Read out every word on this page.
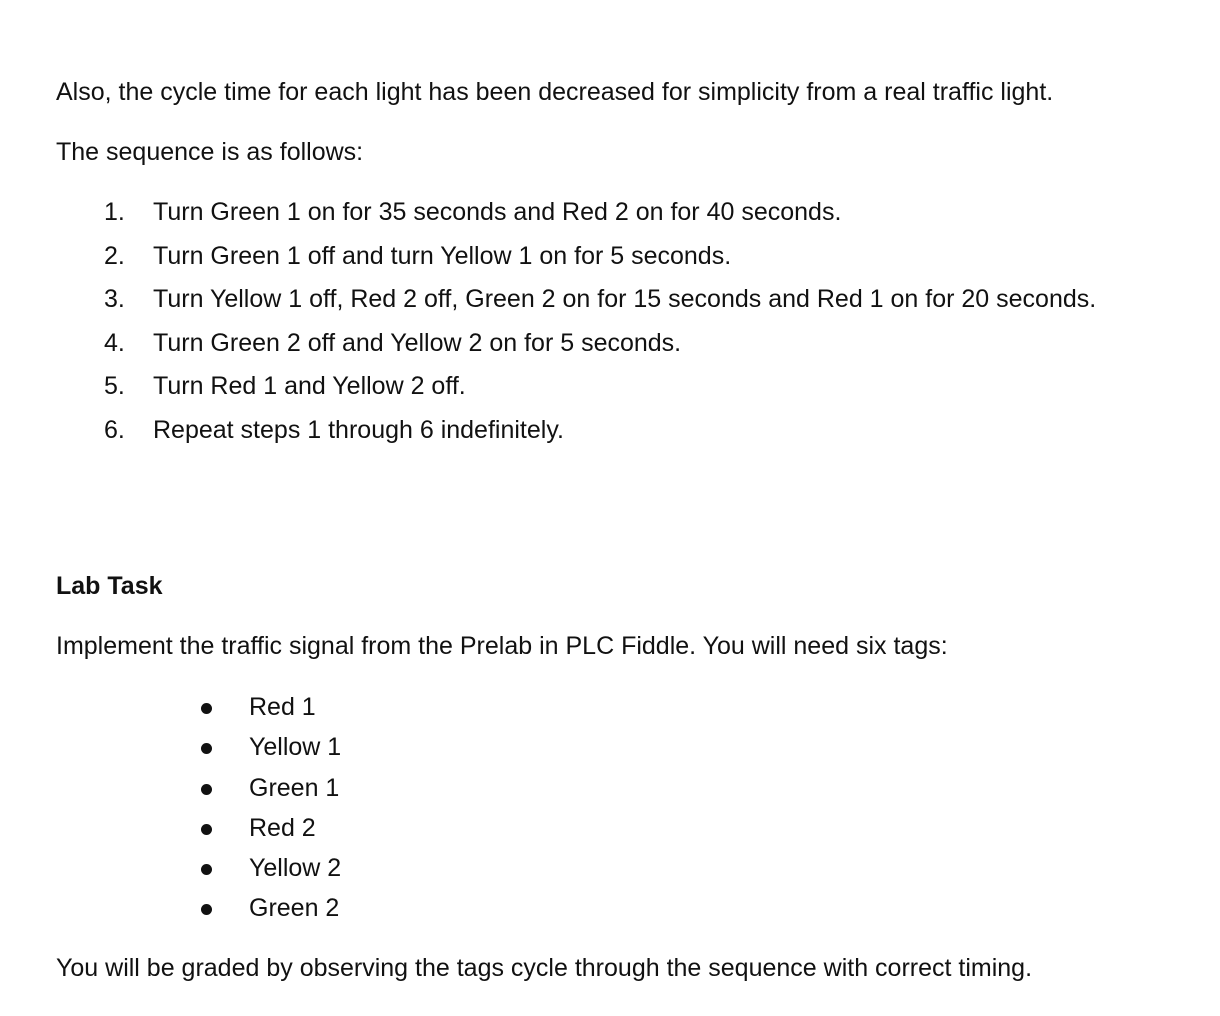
Also, the cycle time for each light has been decreased for simplicity from a real traffic light.

The sequence is as follows:

1.	Turn Green 1 on for 35 seconds and Red 2 on for 40 seconds.
2.	Turn Green 1 off and turn Yellow 1 on for 5 seconds.
3.	Turn Yellow 1 off, Red 2 off, Green 2 on for 15 seconds and Red 1 on for 20 seconds.
4.	Turn Green 2 off and Yellow 2 on for 5 seconds.
5.	Turn Red 1 and Yellow 2 off.
6.	Repeat steps 1 through 6 indefinitely.

Lab Task

Implement the traffic signal from the Prelab in PLC Fiddle. You will need six tags:

Red 1
Yellow 1
Green 1
Red 2
Yellow 2
Green 2

You will be graded by observing the tags cycle through the sequence with correct timing.
